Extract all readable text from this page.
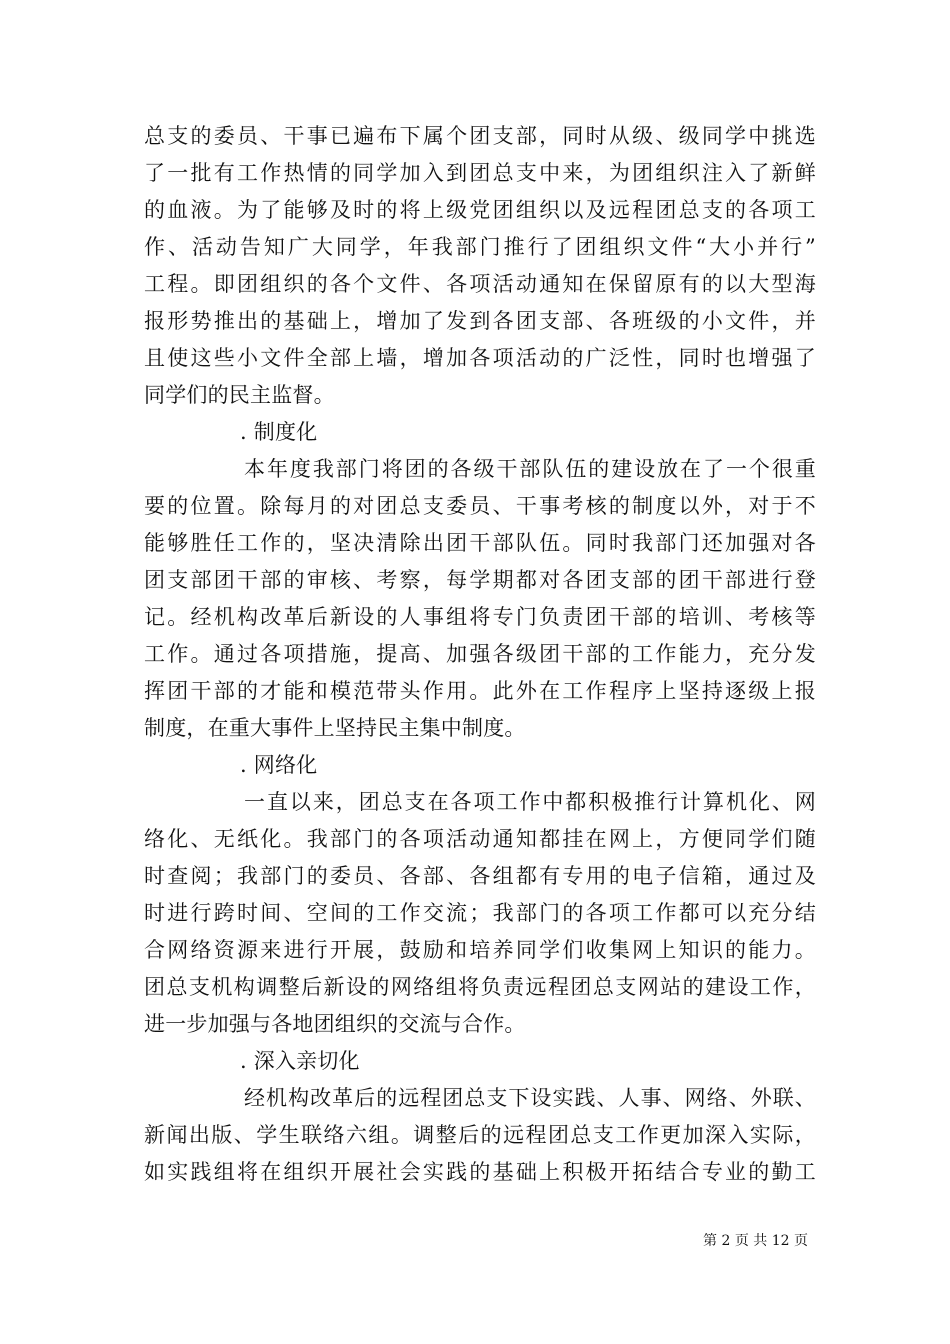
总支的委员、干事已遍布下属个团支部，同时从级、级同学中挑选
了一批有工作热情的同学加入到团总支中来，为团组织注入了新鲜
的血液。为了能够及时的将上级党团组织以及远程团总支的各项工
作、活动告知广大同学，年我部门推行了团组织文件“大小并行”
工程。即团组织的各个文件、各项活动通知在保留原有的以大型海
报形势推出的基础上，增加了发到各团支部、各班级的小文件，并
且使这些小文件全部上墙，增加各项活动的广泛性，同时也增强了
同学们的民主监督。
. 制度化
本年度我部门将团的各级干部队伍的建设放在了一个很重
要的位置。除每月的对团总支委员、干事考核的制度以外，对于不
能够胜任工作的，坚决清除出团干部队伍。同时我部门还加强对各
团支部团干部的审核、考察，每学期都对各团支部的团干部进行登
记。经机构改革后新设的人事组将专门负责团干部的培训、考核等
工作。通过各项措施，提高、加强各级团干部的工作能力，充分发
挥团干部的才能和模范带头作用。此外在工作程序上坚持逐级上报
制度，在重大事件上坚持民主集中制度。
. 网络化
一直以来，团总支在各项工作中都积极推行计算机化、网
络化、无纸化。我部门的各项活动通知都挂在网上，方便同学们随
时查阅；我部门的委员、各部、各组都有专用的电子信箱，通过及
时进行跨时间、空间的工作交流；我部门的各项工作都可以充分结
合网络资源来进行开展，鼓励和培养同学们收集网上知识的能力。
团总支机构调整后新设的网络组将负责远程团总支网站的建设工作，
进一步加强与各地团组织的交流与合作。
. 深入亲切化
经机构改革后的远程团总支下设实践、人事、网络、外联、
新闻出版、学生联络六组。调整后的远程团总支工作更加深入实际，
如实践组将在组织开展社会实践的基础上积极开拓结合专业的勤工
第 2 页 共 12 页
